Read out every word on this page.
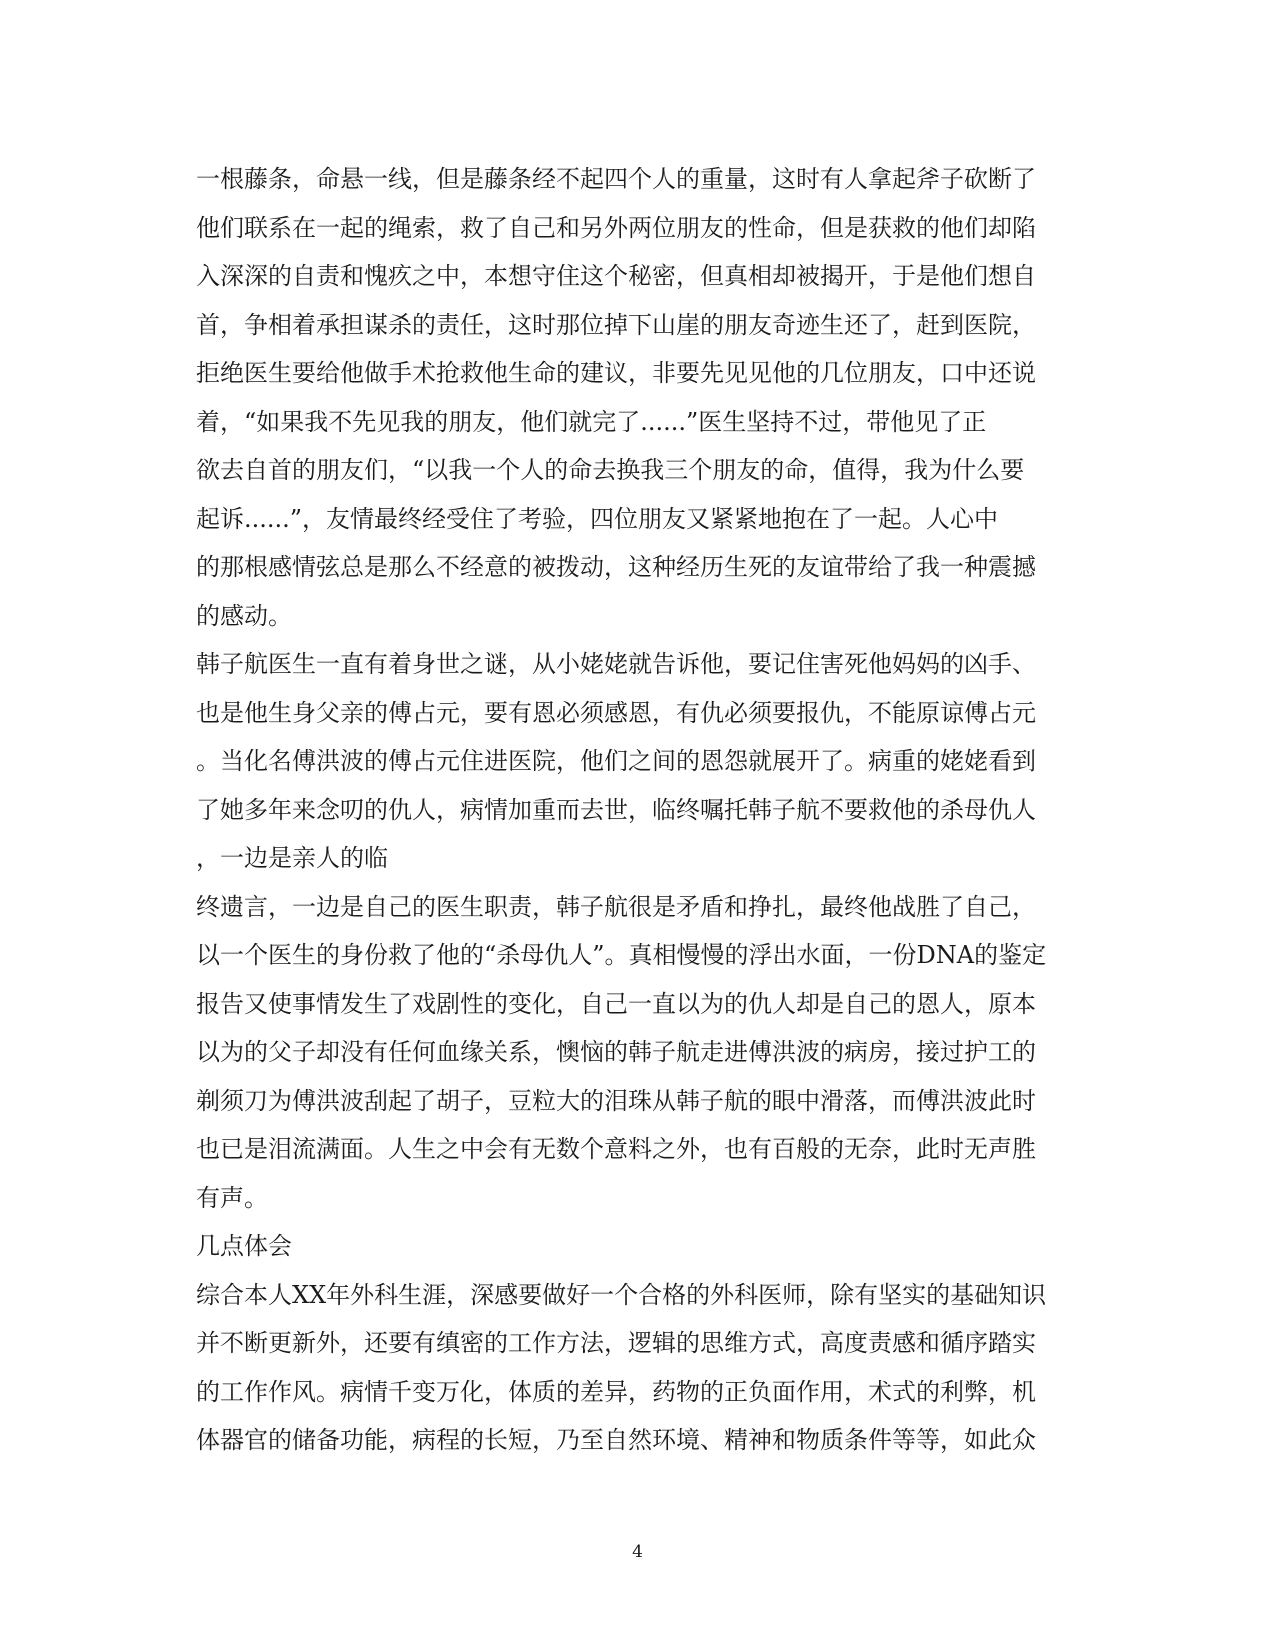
一根藤条，命悬一线，但是藤条经不起四个人的重量，这时有人拿起斧子砍断了
他们联系在一起的绳索，救了自己和另外两位朋友的性命，但是获救的他们却陷
入深深的自责和愧疚之中，本想守住这个秘密，但真相却被揭开，于是他们想自
首，争相着承担谋杀的责任，这时那位掉下山崖的朋友奇迹生还了，赶到医院，
拒绝医生要给他做手术抢救他生命的建议，非要先见见他的几位朋友，口中还说
着，“如果我不先见我的朋友，他们就完了......”医生坚持不过，带他见了正
欲去自首的朋友们，“以我一个人的命去换我三个朋友的命，值得，我为什么要
起诉......”，友情最终经受住了考验，四位朋友又紧紧地抱在了一起。人心中
的那根感情弦总是那么不经意的被拨动，这种经历生死的友谊带给了我一种震撼
的感动。
韩子航医生一直有着身世之谜，从小姥姥就告诉他，要记住害死他妈妈的凶手、
也是他生身父亲的傅占元，要有恩必须感恩，有仇必须要报仇，不能原谅傅占元
。当化名傅洪波的傅占元住进医院，他们之间的恩怨就展开了。病重的姥姥看到
了她多年来念叨的仇人，病情加重而去世，临终嘱托韩子航不要救他的杀母仇人
，一边是亲人的临
终遗言，一边是自己的医生职责，韩子航很是矛盾和挣扎，最终他战胜了自己，
以一个医生的身份救了他的“杀母仇人”。真相慢慢的浮出水面，一份DNA的鉴定
报告又使事情发生了戏剧性的变化，自己一直以为的仇人却是自己的恩人，原本
以为的父子却没有任何血缘关系，懊恼的韩子航走进傅洪波的病房，接过护工的
剃须刀为傅洪波刮起了胡子，豆粒大的泪珠从韩子航的眼中滑落，而傅洪波此时
也已是泪流满面。人生之中会有无数个意料之外，也有百般的无奈，此时无声胜
有声。
几点体会
综合本人XX年外科生涯，深感要做好一个合格的外科医师，除有坚实的基础知识
并不断更新外，还要有缜密的工作方法，逻辑的思维方式，高度责感和循序踏实
的工作作风。病情千变万化，体质的差异，药物的正负面作用，术式的利弊，机
体器官的储备功能，病程的长短，乃至自然环境、精神和物质条件等等，如此众
4
